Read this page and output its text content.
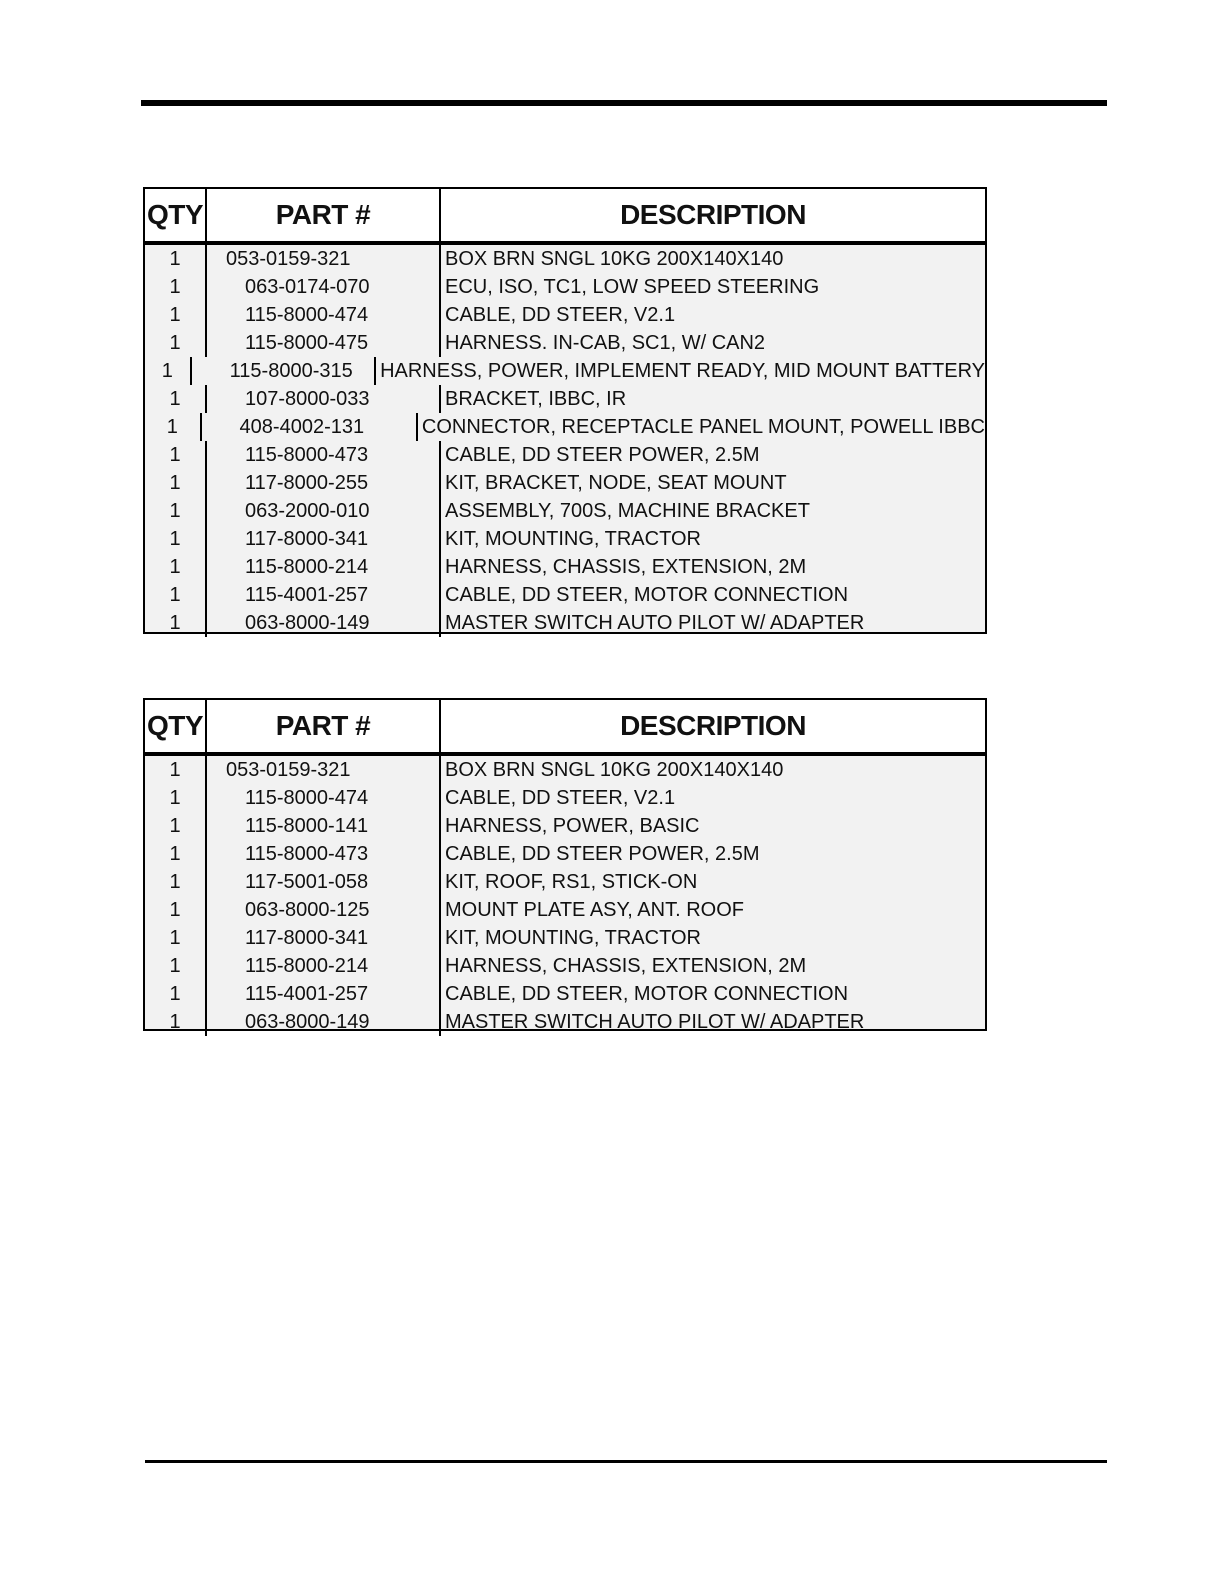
QTY	PART #	DESCRIPTION
1	053-0159-321	BOX BRN SNGL 10KG 200X140X140
1	063-0174-070	ECU, ISO, TC1, LOW SPEED STEERING
1	115-8000-474	CABLE, DD STEER, V2.1
1	115-8000-475	HARNESS. IN-CAB, SC1, W/ CAN2
1	115-8000-315	HARNESS, POWER, IMPLEMENT READY, MID MOUNT BATTERY
1	107-8000-033	BRACKET, IBBC, IR
1	408-4002-131	CONNECTOR, RECEPTACLE PANEL MOUNT, POWELL IBBC
1	115-8000-473	CABLE, DD STEER POWER, 2.5M
1	117-8000-255	KIT, BRACKET, NODE, SEAT MOUNT
1	063-2000-010	ASSEMBLY, 700S, MACHINE BRACKET
1	117-8000-341	KIT, MOUNTING, TRACTOR
1	115-8000-214	HARNESS, CHASSIS, EXTENSION, 2M
1	115-4001-257	CABLE, DD STEER, MOTOR CONNECTION
1	063-8000-149	MASTER SWITCH AUTO PILOT W/ ADAPTER
QTY	PART #	DESCRIPTION
1	053-0159-321	BOX BRN SNGL 10KG 200X140X140
1	115-8000-474	CABLE, DD STEER, V2.1
1	115-8000-141	HARNESS, POWER, BASIC
1	115-8000-473	CABLE, DD STEER POWER, 2.5M
1	117-5001-058	KIT, ROOF, RS1, STICK-ON
1	063-8000-125	MOUNT PLATE ASY, ANT. ROOF
1	117-8000-341	KIT, MOUNTING, TRACTOR
1	115-8000-214	HARNESS, CHASSIS, EXTENSION, 2M
1	115-4001-257	CABLE, DD STEER, MOTOR CONNECTION
1	063-8000-149	MASTER SWITCH AUTO PILOT W/ ADAPTER
